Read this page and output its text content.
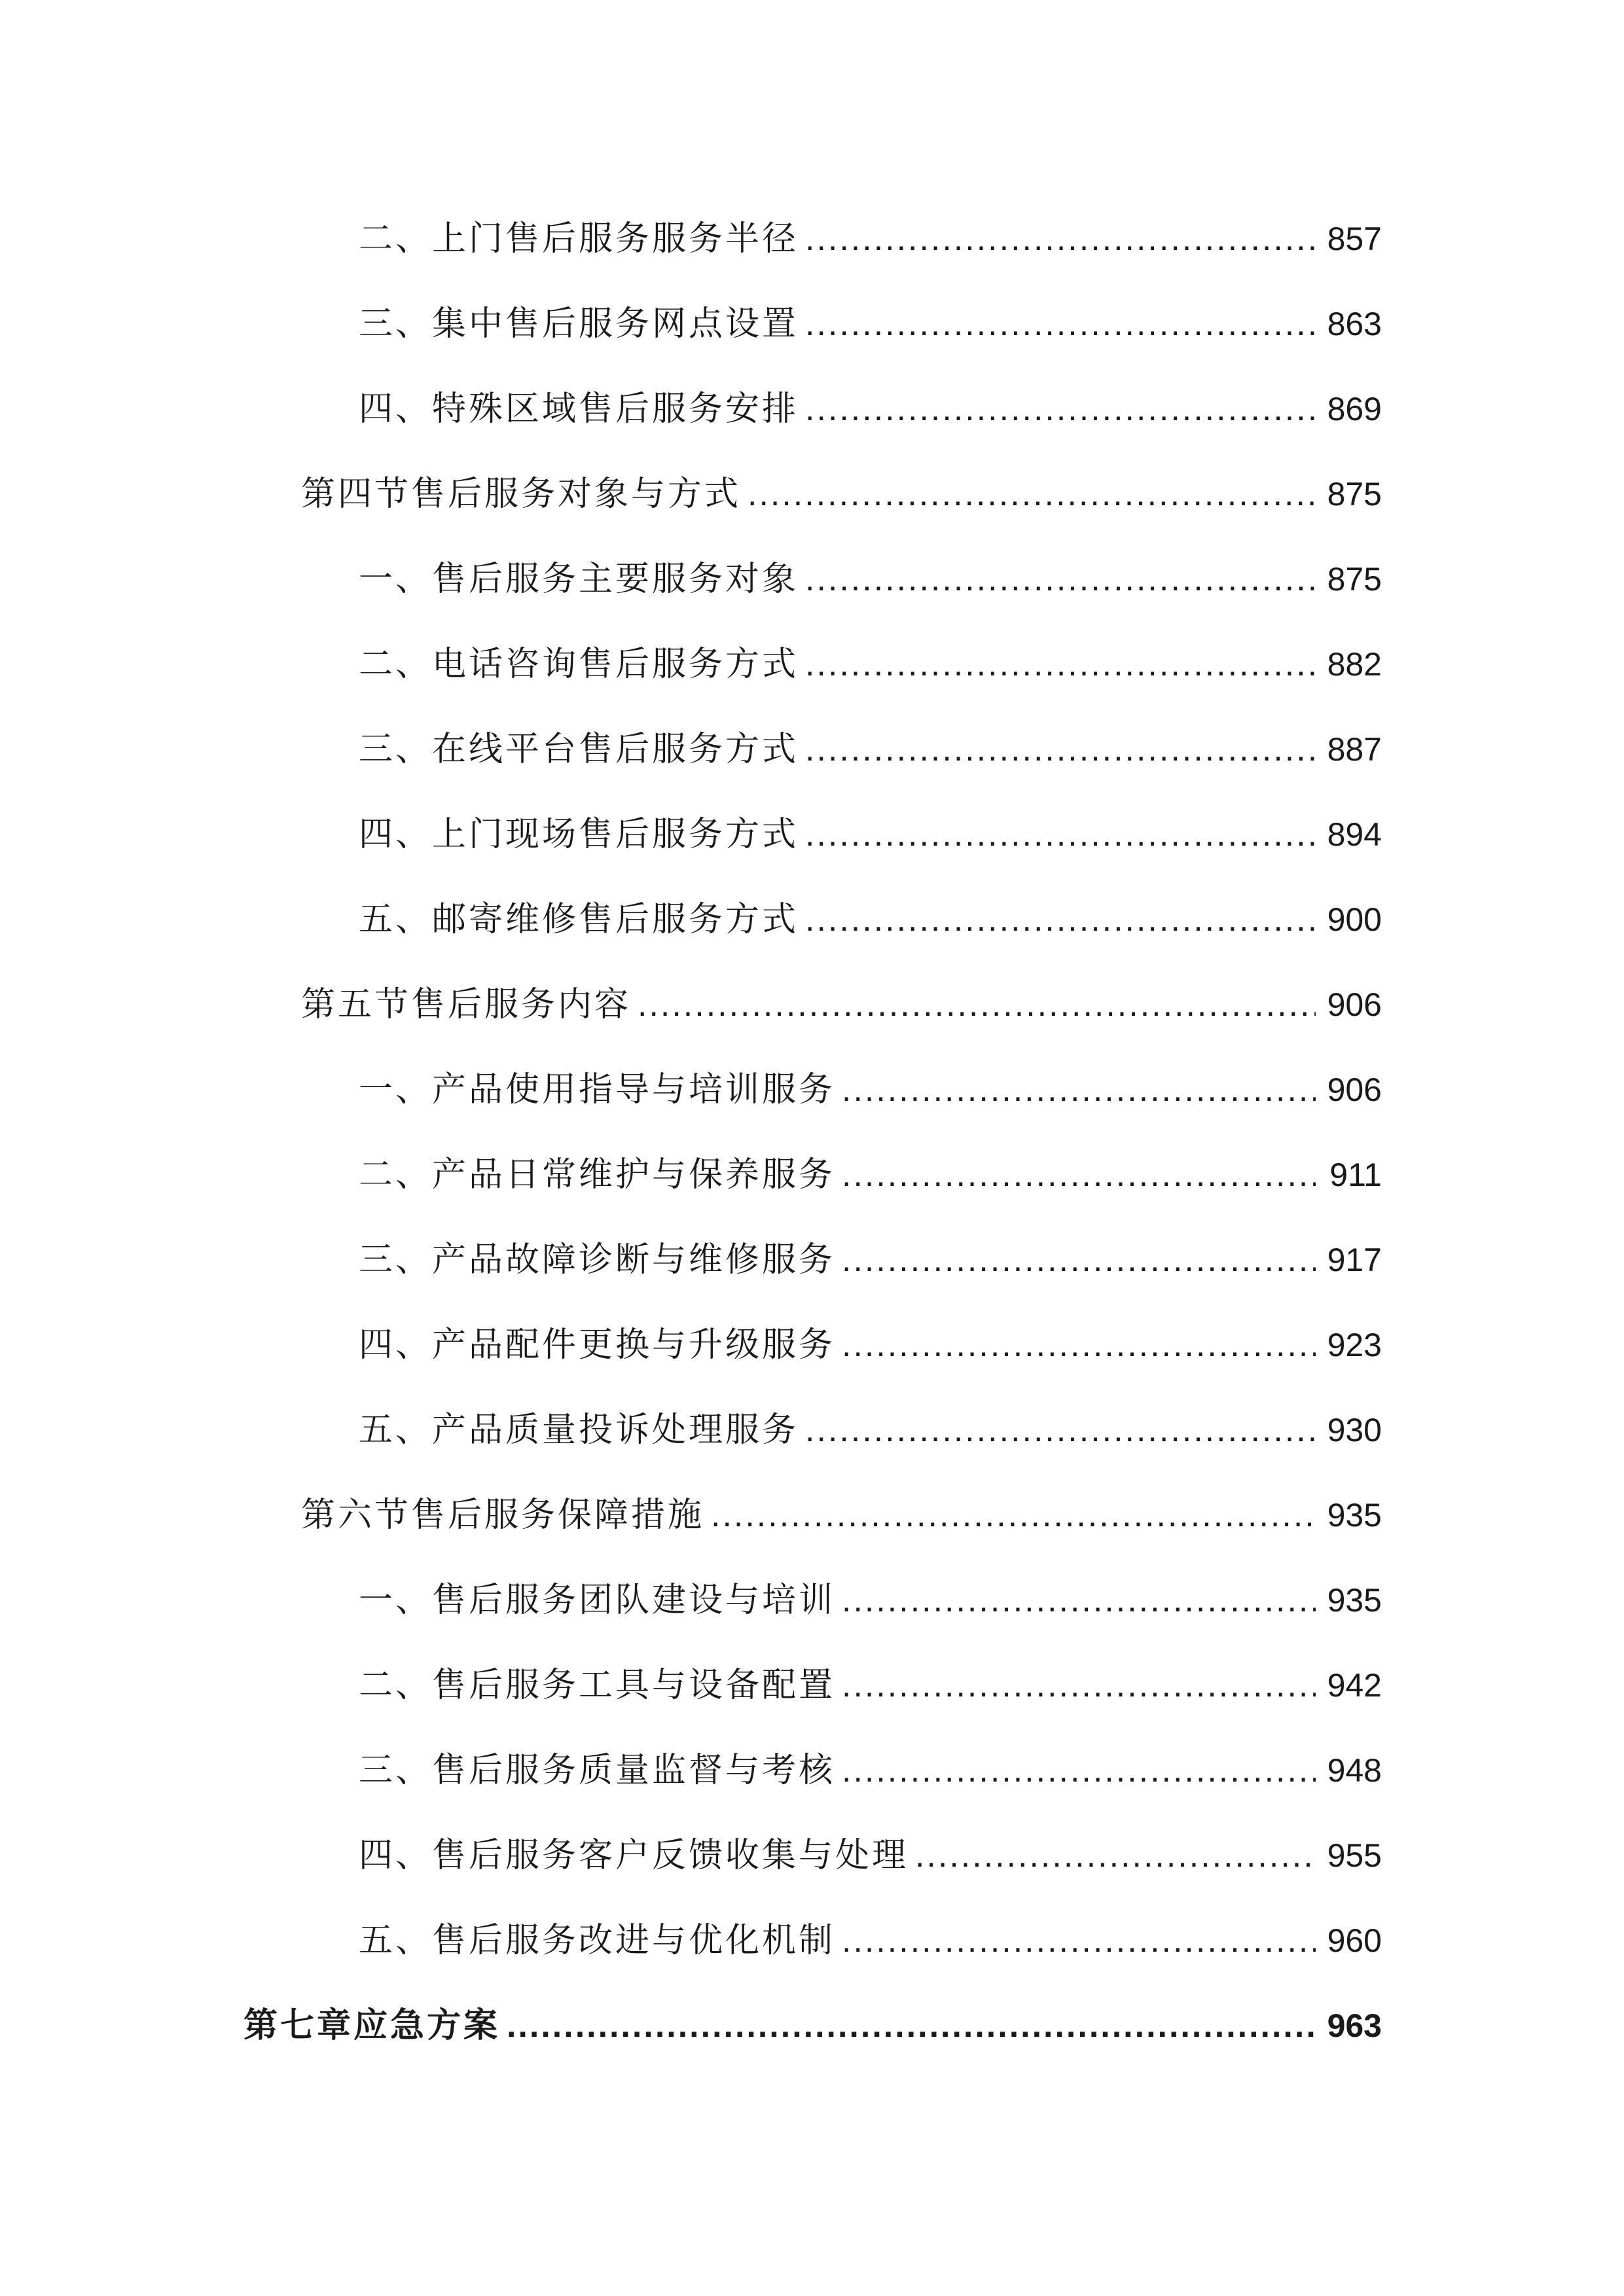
二、上门售后服务服务半径 .....	857
三、集中售后服务网点设置 .....	863
四、特殊区域售后服务安排 .....	869
第四节售后服务对象与方式 .....	875
一、售后服务主要服务对象 .....	875
二、电话咨询售后服务方式 .....	882
三、在线平台售后服务方式 .....	887
四、上门现场售后服务方式 .....	894
五、邮寄维修售后服务方式 .....	900
第五节售后服务内容 .....	906
一、产品使用指导与培训服务 .....	906
二、产品日常维护与保养服务 .....	911
三、产品故障诊断与维修服务 .....	917
四、产品配件更换与升级服务 .....	923
五、产品质量投诉处理服务 .....	930
第六节售后服务保障措施 .....	935
一、售后服务团队建设与培训 .....	935
二、售后服务工具与设备配置 .....	942
三、售后服务质量监督与考核 .....	948
四、售后服务客户反馈收集与处理 .....	955
五、售后服务改进与优化机制 .....	960
第七章应急方案 .....	963
